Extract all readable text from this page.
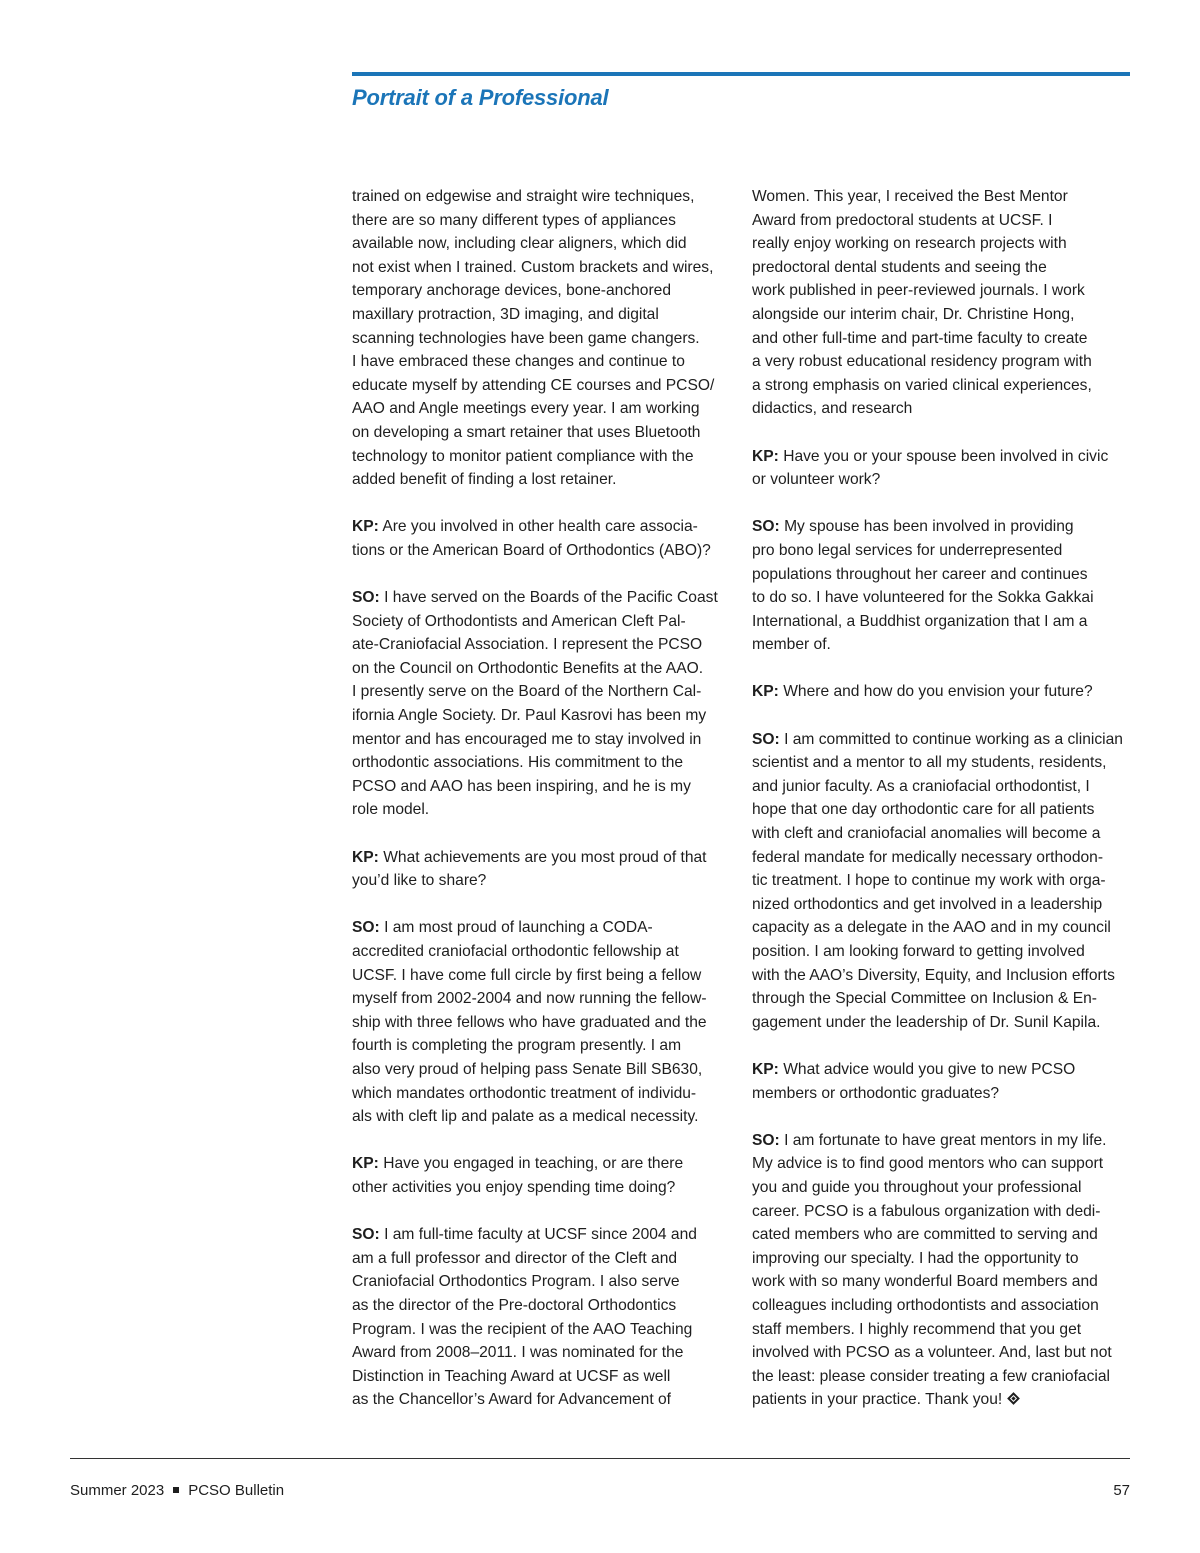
Portrait of a Professional

trained on edgewise and straight wire techniques,
there are so many different types of appliances
available now, including clear aligners, which did
not exist when I trained. Custom brackets and wires,
temporary anchorage devices, bone-anchored
maxillary protraction, 3D imaging, and digital
scanning technologies have been game changers.
I have embraced these changes and continue to
educate myself by attending CE courses and PCSO/
AAO and Angle meetings every year. I am working
on developing a smart retainer that uses Bluetooth
technology to monitor patient compliance with the
added benefit of finding a lost retainer.

KP: Are you involved in other health care associa-
tions or the American Board of Orthodontics (ABO)?

SO: I have served on the Boards of the Pacific Coast
Society of Orthodontists and American Cleft Pal-
ate-Craniofacial Association. I represent the PCSO
on the Council on Orthodontic Benefits at the AAO.
I presently serve on the Board of the Northern Cal-
ifornia Angle Society. Dr. Paul Kasrovi has been my
mentor and has encouraged me to stay involved in
orthodontic associations. His commitment to the
PCSO and AAO has been inspiring, and he is my
role model.

KP: What achievements are you most proud of that
you’d like to share?

SO: I am most proud of launching a CODA-
accredited craniofacial orthodontic fellowship at
UCSF. I have come full circle by first being a fellow
myself from 2002-2004 and now running the fellow-
ship with three fellows who have graduated and the
fourth is completing the program presently. I am
also very proud of helping pass Senate Bill SB630,
which mandates orthodontic treatment of individu-
als with cleft lip and palate as a medical necessity.

KP: Have you engaged in teaching, or are there
other activities you enjoy spending time doing?

SO: I am full-time faculty at UCSF since 2004 and
am a full professor and director of the Cleft and
Craniofacial Orthodontics Program. I also serve
as the director of the Pre-doctoral Orthodontics
Program. I was the recipient of the AAO Teaching
Award from 2008–2011. I was nominated for the
Distinction in Teaching Award at UCSF as well
as the Chancellor’s Award for Advancement of

Women. This year, I received the Best Mentor
Award from predoctoral students at UCSF. I
really enjoy working on research projects with
predoctoral dental students and seeing the
work published in peer-reviewed journals. I work
alongside our interim chair, Dr. Christine Hong,
and other full-time and part-time faculty to create
a very robust educational residency program with
a strong emphasis on varied clinical experiences,
didactics, and research

KP: Have you or your spouse been involved in civic
or volunteer work?

SO: My spouse has been involved in providing
pro bono legal services for underrepresented
populations throughout her career and continues
to do so. I have volunteered for the Sokka Gakkai
International, a Buddhist organization that I am a
member of.

KP: Where and how do you envision your future?

SO: I am committed to continue working as a clinician
scientist and a mentor to all my students, residents,
and junior faculty. As a craniofacial orthodontist, I
hope that one day orthodontic care for all patients
with cleft and craniofacial anomalies will become a
federal mandate for medically necessary orthodon-
tic treatment. I hope to continue my work with orga-
nized orthodontics and get involved in a leadership
capacity as a delegate in the AAO and in my council
position. I am looking forward to getting involved
with the AAO’s Diversity, Equity, and Inclusion efforts
through the Special Committee on Inclusion & En-
gagement under the leadership of Dr. Sunil Kapila.

KP: What advice would you give to new PCSO
members or orthodontic graduates?

SO: I am fortunate to have great mentors in my life.
My advice is to find good mentors who can support
you and guide you throughout your professional
career. PCSO is a fabulous organization with dedi-
cated members who are committed to serving and
improving our specialty. I had the opportunity to
work with so many wonderful Board members and
colleagues including orthodontists and association
staff members. I highly recommend that you get
involved with PCSO as a volunteer. And, last but not
the least: please consider treating a few craniofacial
patients in your practice. Thank you!

Summer 2023 PCSO Bulletin	57
